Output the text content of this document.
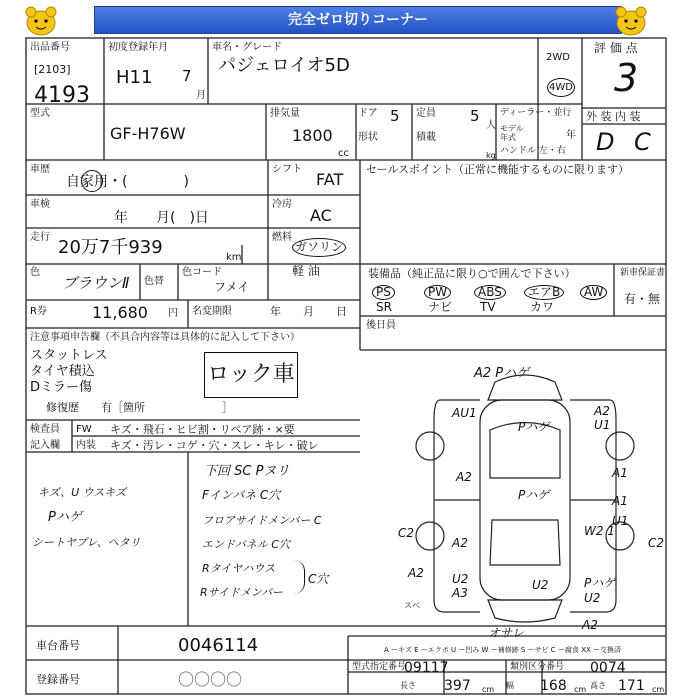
完全ゼロ切りコーナー
出品番号
[2103]
4193
初度登録年月
H11 7
月
車名・グレード
パジェロイオ5D	2WD
4WD
評 価 点
3
型式
GF-H76W
排気量
1800
cc
ドア 5 定員 5
人
形状	積載
kg
ディーラー・並行
モデル年式	年
ハンドル 左・右
外 装 内 装
D C
車歴
自家用・(　　　　)
シフト
FAT
車検
年　　月(　)日
冷房
AC
走行 20万7千939	km
燃料
ガソリン
軽 油
色
ブラウンⅡ 色替
色コード
フメイ
R券	11,680 円 名変期限	年　　月　　日
セールスポイント（正常に機能するものに限ります）
装備品（純正品に限り○で囲んで下さい）	新車保証書
有・無
PS	PW	ABS	エアB	AW
SR	ナビ TV	カワ
後日員
注意事項申告欄（不具合内容等は具体的に記入して下さい）
スタットレス
タイヤ積込
Dミラー傷
修復歴　　有［箇所　　　　　　　］
ロック車
検査員
記入欄
FW
内装
キズ・飛石・ヒビ割・リペア跡・×要
キズ・汚レ・コゲ・穴・スレ・キレ・破レ
キズ、U ウスキズ
Pハゲ
シートヤブレ、ヘタリ
下回 SC Pヌリ
Fインパネ C穴
フロアサイドメンバー C
エンドパネル C穴
Rタイヤハウス
Rサイドメンバー
C穴
A2 Pハゲ
AU1
Pハゲ
A2 U1
A1
A2
Pハゲ	A1
U1
C2
A2
W2 1
C2
A2 U2 A3
U2	Pハゲ U2
オサレ
A2
スベ
A ーキズ E ーエクボ U ー凹み W ー補修跡 S ーサビ C ー腐食 XX ー交換済
車台番号	0046114
登録番号	〇〇〇〇
型式指定番号
09117	類別区分番号 0074
長さ 397 cm 幅 168 cm 高さ 171 cm
